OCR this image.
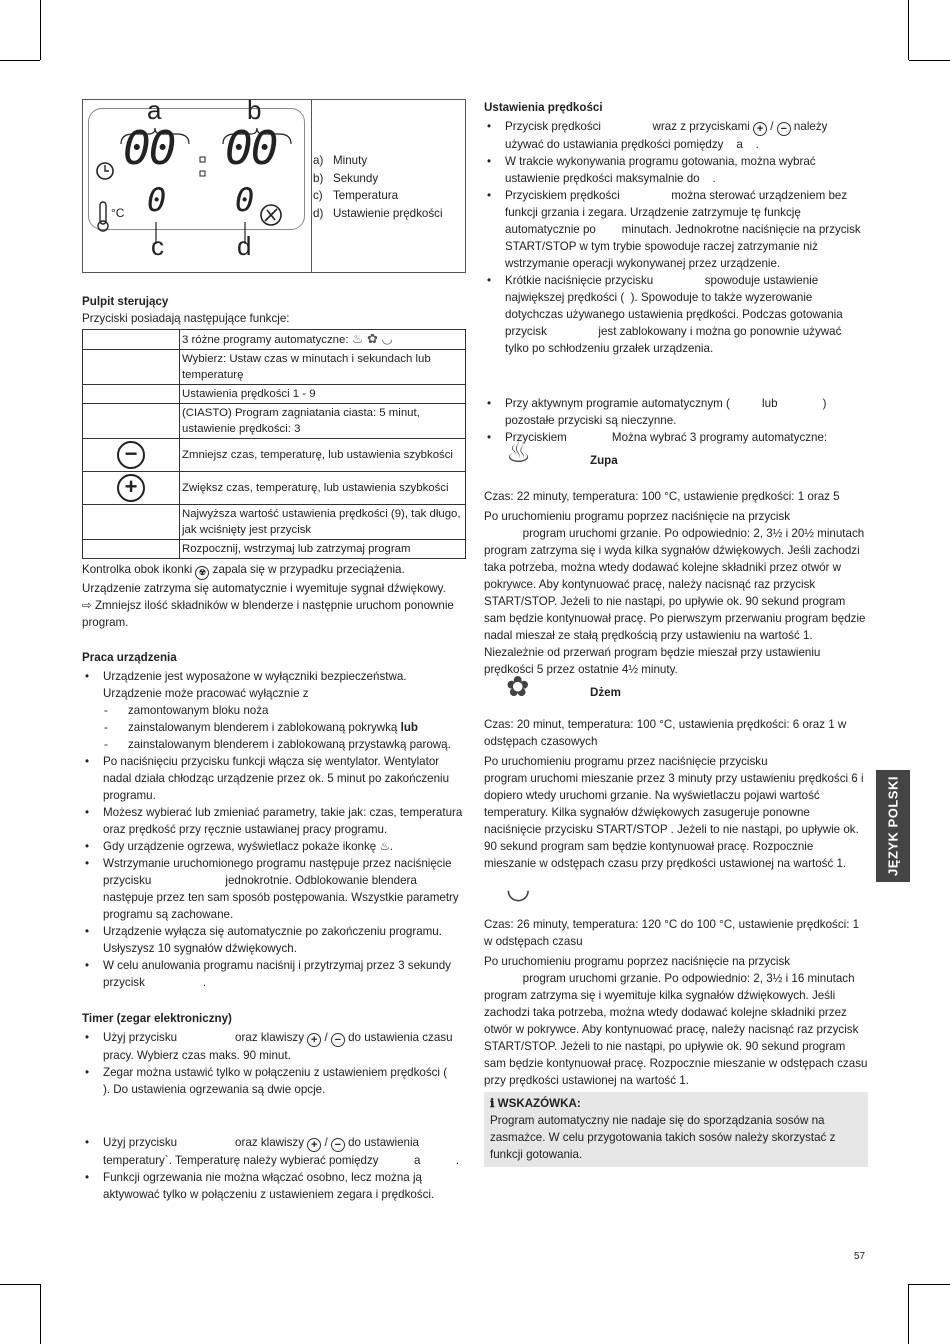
°C
a	b
c	d
00 00
0 0
a) Minuty
b) Sekundy
c) Temperatura
d) Ustawienie prędkości

Pulpit sterujący

Przyciski posiadają następujące funkcje:

	3 różne programy automatyczne: ♨ ✿ ◡
	Wybierz: Ustaw czas w minutach i sekundach lub temperaturę
	Ustawienia prędkości 1 - 9
	(CIASTO) Program zagniatania ciasta: 5 minut, ustawienie prędkości: 3
−	Zmniejsz czas, temperaturę, lub ustawienia szybkości
+	Zwiększ czas, temperaturę, lub ustawienia szybkości
	Najwyższa wartość ustawienia prędkości (9), tak długo, jak wciśnięty jest przycisk
	Rozpocznij, wstrzymaj lub zatrzymaj program

Kontrolka obok ikonki ☢ zapala się w przypadku przeciążenia. Urządzenie zatrzyma się automatycznie i wyemituje sygnał dźwiękowy.

⇨ Zmniejsz ilość składników w blenderze i następnie uruchom ponownie program.

Praca urządzenia

• Urządzenie jest wyposażone w wyłączniki bezpieczeństwa. Urządzenie może pracować wyłącznie z
- zamontowanym bloku noża
- zainstalowanym blenderem i zablokowaną pokrywką lub
- zainstalowanym blenderem i zablokowaną przystawką parową.
• Po naciśnięciu przycisku funkcji włącza się wentylator. Wentylator nadal działa chłodząc urządzenie przez ok. 5 minut po zakończeniu programu.
• Możesz wybierać lub zmieniać parametry, takie jak: czas, temperatura oraz prędkość przy ręcznie ustawianej pracy programu.
• Gdy urządzenie ogrzewa, wyświetlacz pokaże ikonkę ♨.
• Wstrzymanie uruchomionego programu następuje przez naciśnięcie przycisku                       jednokrotnie. Odblokowanie blendera następuje przez ten sam sposób postępowania. Wszystkie parametry programu są zachowane.
• Urządzenie wyłącza się automatycznie po zakończeniu programu. Usłyszysz 10 sygnałów dźwiękowych.
• W celu anulowania programu naciśnij i przytrzymaj przez 3 sekundy przycisk                  .

Timer (zegar elektroniczny)

• Użyj przycisku                  oraz klawiszy + / − do ustawienia czasu pracy. Wybierz czas maks. 90 minut.
• Zegar można ustawić tylko w połączeniu z ustawieniem prędkości (            ). Do ustawienia ogrzewania są dwie opcje.
• Użyj przycisku                  oraz klawiszy + / − do ustawienia temperatury`. Temperaturę należy wybierać pomiędzy           a           .
• Funkcji ogrzewania nie można włączać osobno, lecz można ją aktywować tylko w połączeniu z ustawieniem zegara i prędkości.

Ustawienia prędkości

• Przycisk prędkości                wraz z przyciskami + / − należy używać do ustawiania prędkości pomiędzy    a    .
• W trakcie wykonywania programu gotowania, można wybrać ustawienie prędkości maksymalnie do    .
• Przyciskiem prędkości                można sterować urządzeniem bez funkcji grzania i zegara. Urządzenie zatrzymuje tę funkcję automatycznie po        minutach. Jednokrotne naciśnięcie na przycisk START/STOP w tym trybie spowoduje raczej zatrzymanie niż wstrzymanie operacji wykonywanej przez urządzenie.
• Krótkie naciśnięcie przycisku                spowoduje ustawienie największej prędkości (  ). Spowoduje to także wyzerowanie dotychczas używanego ustawienia prędkości. Podczas gotowania przycisk                jest zablokowany i można go ponownie używać tylko po schłodzeniu grzałek urządzenia.
• Przy aktywnym programie automatycznym (          lub              ) pozostałe przyciski są nieczynne.
• Przyciskiem              Można wybrać 3 programy automatyczne:
♨	Zupa

Czas: 22 minuty, temperatura: 100 °C, ustawienie prędkości: 1 oraz 5

Po uruchomieniu programu poprzez naciśnięcie na przycisk
program uruchomi grzanie. Po odpowiednio: 2, 3½ i 20½ minutach program zatrzyma się i wyda kilka sygnałów dźwiękowych. Jeśli zachodzi taka potrzeba, można wtedy dodawać kolejne składniki przez otwór w pokrywce. Aby kontynuować pracę, należy nacisnąć raz przycisk START/STOP. Jeżeli to nie nastąpi, po upływie ok. 90 sekund program sam będzie kontynuował pracę. Po pierwszym przerwaniu program będzie nadal mieszał ze stałą prędkością przy ustawieniu na wartość 1. Niezależnie od przerwań program będzie mieszał przy ustawieniu prędkości 5 przez ostatnie 4½ minuty.

✿	Dżem

Czas: 20 minut, temperatura: 100 °C, ustawienia prędkości: 6 oraz 1 w odstępach czasowych

Po uruchomieniu programu przez naciśnięcie przycisku
program uruchomi mieszanie przez 3 minuty przy ustawieniu prędkości 6 i dopiero wtedy uruchomi grzanie. Na wyświetlaczu pojawi wartość temperatury. Kilka sygnałów dźwiękowych zasugeruje ponowne naciśnięcie przycisku START/STOP . Jeżeli to nie nastąpi, po upływie ok. 90 sekund program sam będzie kontynuował pracę. Rozpocznie mieszanie w odstępach czasu przy prędkości ustawionej na wartość 1.

◡

Czas: 26 minuty, temperatura: 120 °C do 100 °C, ustawienie prędkości: 1 w odstępach czasu

Po uruchomieniu programu poprzez naciśnięcie na przycisk
program uruchomi grzanie. Po odpowiednio: 2, 3½ i 16 minutach program zatrzyma się i wyemituje kilka sygnałów dźwiękowych. Jeśli zachodzi taka potrzeba, można wtedy dodawać kolejne składniki przez otwór w pokrywce. Aby kontynuować pracę, należy nacisnąć raz przycisk START/STOP. Jeżeli to nie nastąpi, po upływie ok. 90 sekund program sam będzie kontynuował pracę. Rozpocznie mieszanie w odstępach czasu przy prędkości ustawionej na wartość 1.

ℹ WSKAZÓWKA:

Program automatyczny nie nadaje się do sporządzania sosów na zasmażce. W celu przygotowania takich sosów należy skorzystać z funkcji gotowania.

JĘZYK POLSKI
57
